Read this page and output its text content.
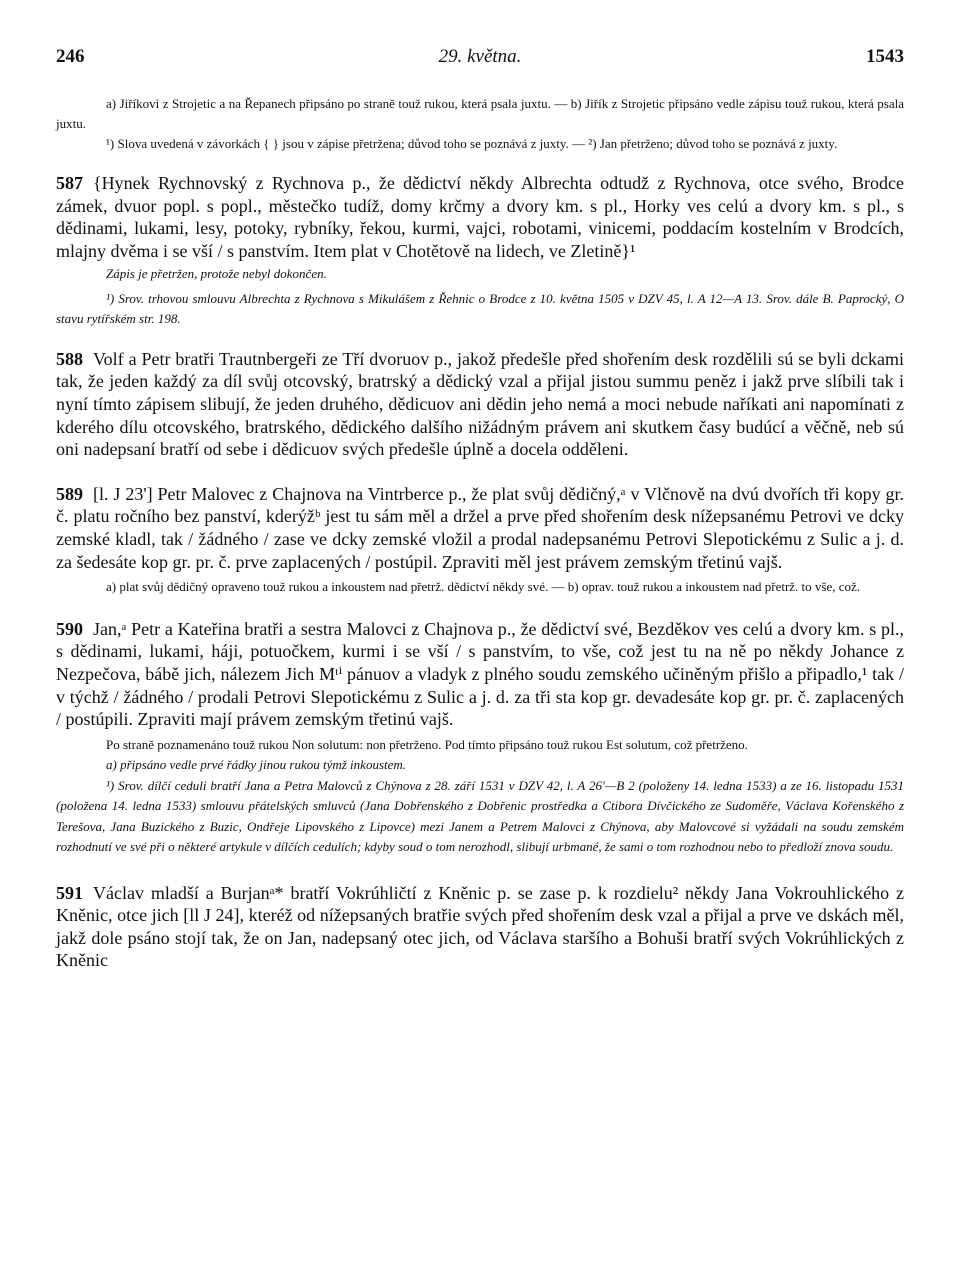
246	29. května.	1543
a) Jiříkovi z Strojetic a na Řepanech připsáno po straně touž rukou, která psala juxtu. — b) Jiřík z Strojetic připsáno vedle zápisu touž rukou, která psala juxtu.
¹) Slova uvedená v závorkách { } jsou v zápise přetržena; důvod toho se poznává z juxty. — ²) Jan přetrženo; důvod toho se poznává z juxty.
587 {Hynek Rychnovský z Rychnova p., že dědictví někdy Albrechta odtudž z Rychnova, otce svého, Brodce zámek, dvuor popl. s popl., městečko tudíž, domy krčmy a dvory km. s pl., Horky ves celú a dvory km. s pl., s dědinami, lukami, lesy, potoky, rybníky, řekou, kurmi, vajci, robotami, vinicemi, poddacím kostelním v Brodcích, mlajny dvěma i se vší / s panstvím. Item plat v Chotětově na lidech, ve Zletině}¹
Zápis je přetržen, protože nebyl dokončen.
¹) Srov. trhovou smlouvu Albrechta z Rychnova s Mikulášem z Řehnic o Brodce z 10. května 1505 v DZV 45, l. A 12—A 13. Srov. dále B. Paprocký, O stavu rytířském str. 198.
588 Volf a Petr bratři Trautnbergeři ze Tří dvoruov p., jakož předešle před shořením desk rozdělili sú se byli dckami tak, že jeden každý za díl svůj otcovský, bratrský a dědický vzal a přijal jistou summu peněz i jakž prve slíbili tak i nyní tímto zápisem slibují, že jeden druhého, dědicuov ani dědin jeho nemá a moci nebude naříkati ani napomínati z kderého dílu otcovského, bratrského, dědického dalšího nižádným právem ani skutkem časy budúcí a věčně, neb sú oni nadepsaní bratří od sebe i dědicuov svých předešle úplně a docela odděleni.
589 [l. J 23'] Petr Malovec z Chajnova na Vintrberce p., že plat svůj dědičný,ᵃ v Vlčnově na dvú dvořích tři kopy gr. č. platu ročního bez panství, kderýžᵇ jest tu sám měl a držel a prve před shořením desk nížepsanému Petrovi ve dcky zemské kladl, tak / žádného / zase ve dcky zemské vložil a prodal nadepsanému Petrovi Slepotickému z Sulic a j. d. za šedesáte kop gr. pr. č. prve zaplacených / postúpil. Zpraviti měl jest právem zemským třetinú vajš.
a) plat svůj dědičný opraveno touž rukou a inkoustem nad přetrž. dědictví někdy své. — b) oprav. touž rukou a inkoustem nad přetrž. to vše, což.
590 Jan,ᵃ Petr a Kateřina bratři a sestra Malovci z Chajnova p., že dědictví své, Bezděkov ves celú a dvory km. s pl., s dědinami, lukami, háji, potuočkem, kurmi i se vší / s panstvím, to vše, což jest tu na ně po někdy Johance z Nezpečova, bábě jich, nálezem Jich Mᵗⁱ pánuov a vladyk z plného soudu zemského učiněným přišlo a připadlo,¹ tak / v týchž / žádného / prodali Petrovi Slepotickému z Sulic a j. d. za tři sta kop gr. devadesáte kop gr. pr. č. zaplacených / postúpili. Zpraviti mají právem zemským třetinú vajš.
Po straně poznamenáno touž rukou Non solutum: non přetrženo. Pod tímto připsáno touž rukou Est solutum, což přetrženo.
a) připsáno vedle prvé řádky jinou rukou týmž inkoustem.
¹) Srov. dílčí ceduli bratří Jana a Petra Malovců z Chýnova z 28. září 1531 v DZV 42, l. A 26'—B 2 (položeny 14. ledna 1533) a ze 16. listopadu 1531 (položena 14. ledna 1533) smlouvu přátelských smluvců (Jana Dobřenského z Dobřenic prostředka a Ctibora Dívčického ze Sudoměře, Václava Kořenského z Terešova, Jana Buzického z Buzic, Ondřeje Lipovského z Lipovce) mezi Janem a Petrem Malovci z Chýnova, aby Malovcové si vyžádali na soudu zemském rozhodnutí ve své při o některé artykule v dílčích cedulích; kdyby soud o tom nerozhodl, slibují urbmané, že sami o tom rozhodnou nebo to předloží znova soudu.
591 Václav mladší a Burjanᵃ* bratří Vokrúhličtí z Kněnic p. se zase p. k rozdielu² někdy Jana Vokrouhlického z Kněnic, otce jich [ll J 24], kteréž od nížepsaných bratřie svých před shořením desk vzal a přijal a prve ve dskách měl, jakž dole psáno stojí tak, že on Jan, nadepsaný otec jich, od Václava staršího a Bohuši bratří svých Vokrúhlických z Kněnic
